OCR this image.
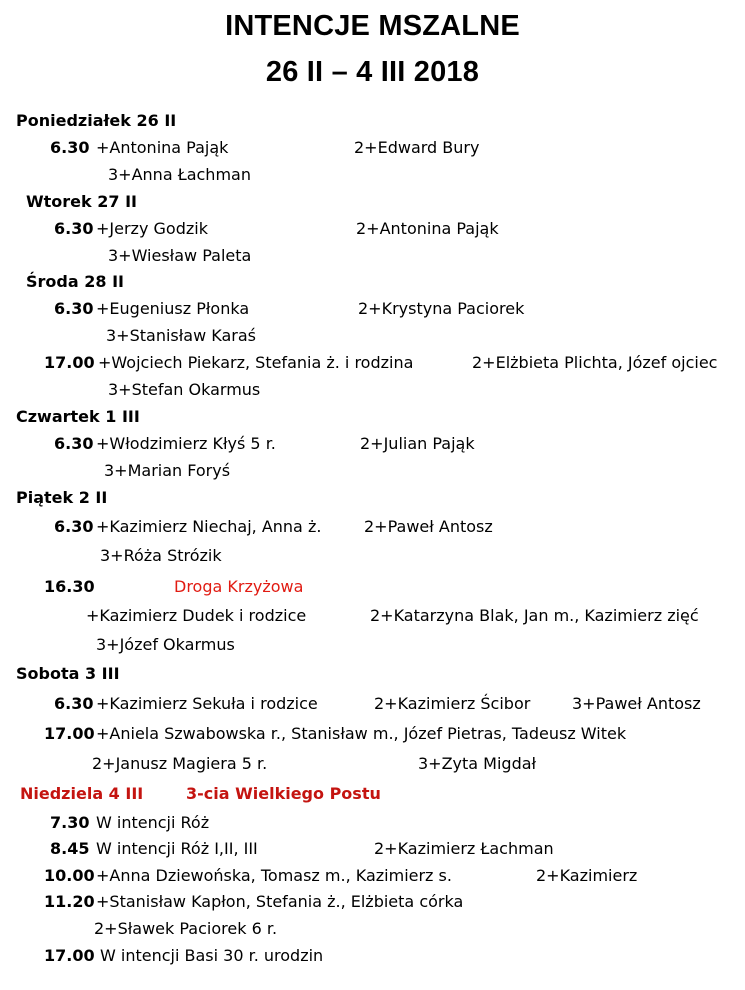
INTENCJE MSZALNE
26 II – 4 III 2018
Poniedziałek 26 II
6.30 +Antonina Pająk	2+Edward Bury
3+Anna Łachman
Wtorek 27 II
6.30 +Jerzy Godzik	2+Antonina Pająk
3+Wiesław Paleta
Środa 28 II
6.30 +Eugeniusz Płonka	2+Krystyna Paciorek
3+Stanisław Karaś
17.00 +Wojciech Piekarz, Stefania ż. i rodzina	2+Elżbieta Plichta, Józef ojciec
3+Stefan Okarmus
Czwartek 1 III
6.30 +Włodzimierz Kłyś 5 r.	2+Julian Pająk
3+Marian Foryś
Piątek 2 II
6.30 +Kazimierz Niechaj, Anna ż.	2+Paweł Antosz
3+Róża Strózik
16.30	Droga Krzyżowa
+Kazimierz Dudek i rodzice	2+Katarzyna Blak, Jan m., Kazimierz zięć
3+Józef Okarmus
Sobota 3 III
6.30 +Kazimierz Sekuła i rodzice	2+Kazimierz Ścibor	3+Paweł Antosz
17.00 +Aniela Szwabowska r., Stanisław m., Józef Pietras, Tadeusz Witek
2+Janusz Magiera 5 r.	3+Zyta Migdał
Niedziela 4 III	3-cia Wielkiego Postu
7.30 W intencji Róż
8.45 W intencji Róż I,II, III	2+Kazimierz Łachman
10.00 +Anna Dziewońska, Tomasz m., Kazimierz s.	2+Kazimierz
11.20 +Stanisław Kapłon, Stefania ż., Elżbieta córka
2+Sławek Paciorek 6 r.
17.00 W intencji Basi 30 r. urodzin
